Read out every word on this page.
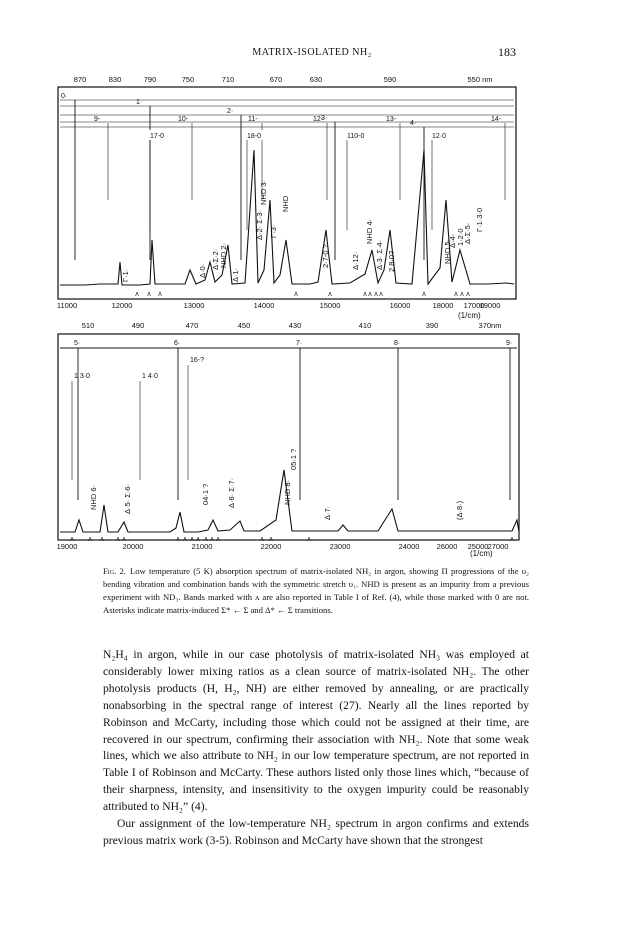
MATRIX-ISOLATED NH₂	183
870	830	790	750	710	670	630	590	550 nm
0·
1·
2·
3·
4·
9-	10-	11-	12-	13-	14-
17-0	18-0	110-0	12·0
Γ·1·	Δ·0·
Δ·Σ·2· NHD 2·
Δ·1·
NHD 3·
Δ·2· Σ·3· Γ·3·
NHD
2·7-0 ?	Δ·12·
NHD 4·
Δ·3· Σ·4· 2 8·0?	NHD 5·
Δ·4· 1·2·0
Δ·Σ·5·
Γ·1·3·0
ʌ ʌ ʌ	ʌ	ʌ	ʌ ʌ ʌ ʌ	ʌ	ʌ ʌ ʌ
11000	12000	13000	14000	15000	16000	17000
18000	19000
(1/cm)
510	490	470	450	430	410	390	370nm
5·	6·	7·	8·	9·
1 3·0	1 4·0
16-?
NHD 6·	Δ·5· Σ·6·	04·1 ? Δ·6· Σ·7·	NHD 8·
05·1 ?
Δ·7·	(Δ·8·)
ʌ ʌ ʌ ʌ ʌ	ʌ ʌ ʌ ʌ ʌ ʌ ʌ	ʌ ʌ	ʌ	ʌ
19000	20000	21000	22000	23000	24000	25000
26000	27000
(1/cm)
Fig. 2. Low temperature (5 K) absorption spectrum of matrix-isolated NH₂ in argon, showing Π progressions of the υ₂ bending vibration and combination bands with the symmetric stretch υ₁. NHD is present as an impurity from a previous experiment with ND₃. Bands marked with ʌ are also reported in Table I of Ref. (4), while those marked with 0 are not. Asterisks indicate matrix-induced Σ* ← Σ and Δ* ← Σ transitions.

N₂H₄ in argon, while in our case photolysis of matrix-isolated NH₃ was employed at considerably lower mixing ratios as a clean source of matrix-isolated NH₂. The other photolysis products (H, H₂, NH) are either removed by annealing, or are practically nonabsorbing in the spectral range of interest (27). Nearly all the lines reported by Robinson and McCarty, including those which could not be assigned at their time, are recovered in our spectrum, confirming their association with NH₂. Note that some weak lines, which we also attribute to NH₂ in our low temperature spectrum, are not reported in Table I of Robinson and McCarty. These authors listed only those lines which, “because of their sharpness, intensity, and insensitivity to the oxygen impurity could be reasonably attributed to NH₂” (4).

Our assignment of the low-temperature NH₂ spectrum in argon confirms and extends previous matrix work (3-5). Robinson and McCarty have shown that the strongest
